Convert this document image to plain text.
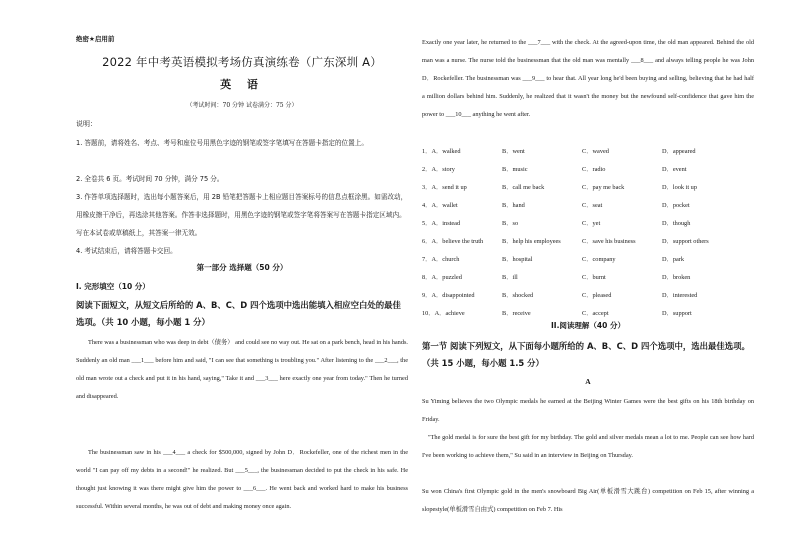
绝密★启用前
2022 年中考英语模拟考场仿真演练卷（广东深圳 A）
英 语
（考试时间：70 分钟 试卷满分：75 分）
说明：
1. 答题前，请将姓名、考点、考号和座位号用黑色字迹的钢笔或签字笔填写在答题卡指定的位置上。
2. 全卷共 6 页。考试时间 70 分钟，满分 75 分。
3. 作答单项选择题时，选出每小题答案后，用 2B 铅笔把答题卡上相应题目答案标号的信息点框涂黑。如需改动，用橡皮擦干净后，再选涂其他答案。作答非选择题时，用黑色字迹的钢笔或签字笔将答案写在答题卡指定区域内。写在本试卷或草稿纸上，其答案一律无效。
4. 考试结束后，请将答题卡交回。
第一部分 选择题（50 分）
I. 完形填空（10 分）
阅读下面短文，从短文后所给的 A、B、C、D 四个选项中选出能填入相应空白处的最佳选项。（共 10 小题，每小题 1 分）
There was a businessman who was deep in debt（债务） and could see no way out. He sat on a park bench, head in his hands. Suddenly an old man ___1___ before him and said, "I can see that something is troubling you." After listening to the ___2___, the old man wrote out a check and put it in his hand, saying," Take it and ___3___ here exactly one year from today." Then he turned and disappeared.
The businessman saw in his ___4___ a check for $500,000, signed by John D．Rockefeller, one of the richest men in the world "I can pay off my debts in a second!" he realized. But ___5___, the businessman decided to put the check in his safe. He thought just knowing it was there might give him the power to ___6___. He went back and worked hard to make his business successful. Within several months, he was out of debt and making money once again.
Exactly one year later, he returned to the ___7___ with the check. At the agreed-upon time, the old man appeared. Behind the old man was a nurse. The nurse told the businessman that the old man was mentally ___8___ and always telling people he was John D．Rockefeller. The businessman was ___9___ to hear that. All year long he'd been buying and selling, believing that he had half a million dollars behind him. Suddenly, he realized that it wasn't the money but the newfound self-confidence that gave him the power to ___10___ anything he went after.
1．A．walked	B．went	C．waved	D．appeared
2．A．story	B．music	C．radio	D．event
3．A．send it up	B．call me back	C．pay me back	D．look it up
4．A．wallet	B．hand	C．seat	D．pocket
5．A．instead	B．so	C．yet	D．though
6．A．believe the truth	B．help his employees	C．save his business	D．support others
7．A．church	B．hospital	C．company	D．park
8．A．puzzled	B．ill	C．burnt	D．broken
9．A．disappointed	B．shocked	C．pleased	D．interested
10．A．achieve	B．receive	C．accept	D．support
II.阅读理解（40 分）
第一节 阅读下列短文，从下面每小题所给的 A、B、C、D 四个选项中，选出最佳选项。（共 15 小题，每小题 1.5 分）
A
Su Yiming believes the two Olympic medals he earned at the Beijing Winter Games were the best gifts on his 18th birthday on Friday.
"The gold medal is for sure the best gift for my birthday. The gold and silver medals mean a lot to me. People can see how hard I've been working to achieve them," Su said in an interview in Beijing on Thursday.
Su won China's first Olympic gold in the men's snowboard Big Air(单板滑雪大跳台) competition on Feb 15, after winning a slopestyle(单板滑雪自由式) competition on Feb 7. His
